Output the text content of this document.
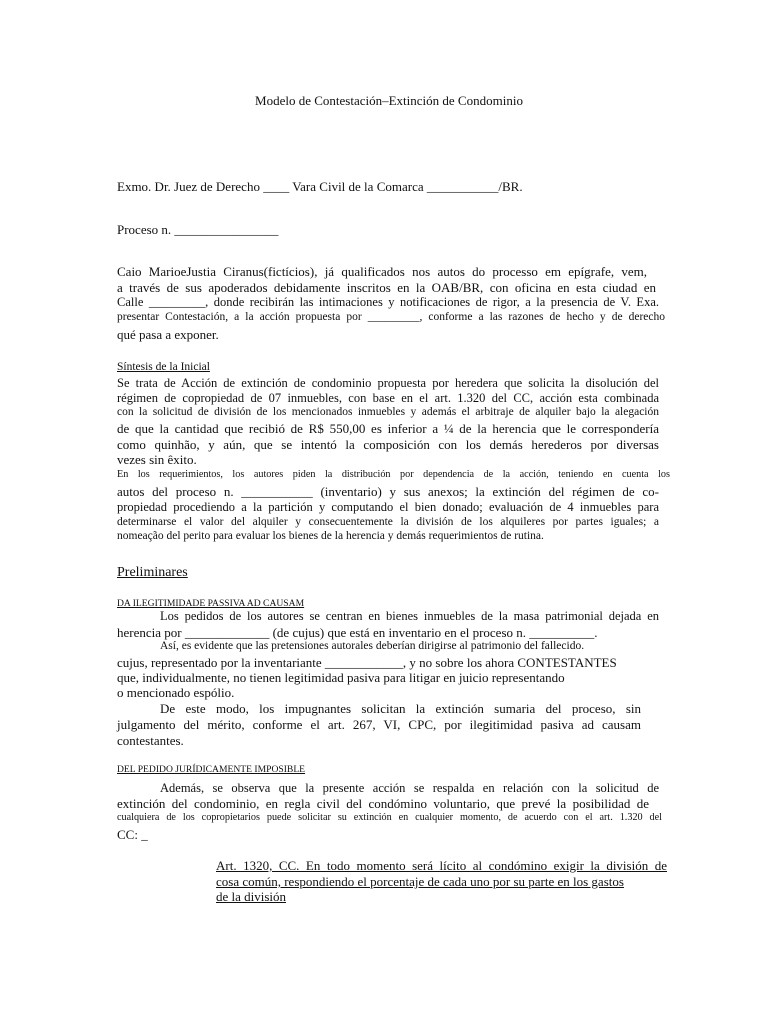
Modelo de Contestación–Extinción de Condominio
Exmo. Dr. Juez de Derecho ____ Vara Civil de la Comarca ___________/BR.
Proceso n. ________________
Caio MarioeJustia Ciranus(fictícios), já qualificados nos autos do processo em epígrafe, vem,
a través de sus apoderados debidamente inscritos en la OAB/BR, con oficina en esta ciudad en
Calle _________, donde recibirán las intimaciones y notificaciones de rigor, a la presencia de V. Exa.
presentar Contestación, a la acción propuesta por _________, conforme a las razones de hecho y de derecho
qué pasa a exponer.
Síntesis de la Inicial
Se trata de Acción de extinción de condominio propuesta por heredera que solicita la disolución del
régimen de copropiedad de 07 inmuebles, con base en el art. 1.320 del CC, acción esta combinada
con la solicitud de división de los mencionados inmuebles y además el arbitraje de alquiler bajo la alegación
de que la cantidad que recibió de R$ 550,00 es inferior a ¼ de la herencia que le correspondería
como quinhão, y aún, que se intentó la composición con los demás herederos por diversas
vezes sin êxito.
En los requerimientos, los autores piden la distribución por dependencia de la acción, teniendo en cuenta los
autos del proceso n. ___________ (inventario) y sus anexos; la extinción del régimen de co-
propiedad procediendo a la partición y computando el bien donado; evaluación de 4 inmuebles para
determinarse el valor del alquiler y consecuentemente la división de los alquileres por partes iguales; a
nomeação del perito para evaluar los bienes de la herencia y demás requerimientos de rutina.
Preliminares
DA ILEGITIMIDADE PASSIVA AD CAUSAM
Los pedidos de los autores se centran en bienes inmuebles de la masa patrimonial dejada en
herencia por _____________ (de cujus) que está en inventario en el proceso n. __________.
Así, es evidente que las pretensiones autorales deberían dirigirse al patrimonio del fallecido.
cujus, representado por la inventariante ____________, y no sobre los ahora CONTESTANTES
que, individualmente, no tienen legitimidad pasiva para litigar en juicio representando
o mencionado espólio.
De este modo, los impugnantes solicitan la extinción sumaria del proceso, sin
julgamento del mérito, conforme el art. 267, VI, CPC, por ilegitimidad pasiva ad causam
contestantes.
DEL PEDIDO JURÍDICAMENTE IMPOSIBLE
Además, se observa que la presente acción se respalda en relación con la solicitud de
extinción del condominio, en regla civil del condómino voluntario, que prevé la posibilidad de
cualquiera de los copropietarios puede solicitar su extinción en cualquier momento, de acuerdo con el art. 1.320 del
CC: _
Art. 1320, CC. En todo momento será lícito al condómino exigir la división de
cosa común, respondiendo el porcentaje de cada uno por su parte en los gastos
de la división
